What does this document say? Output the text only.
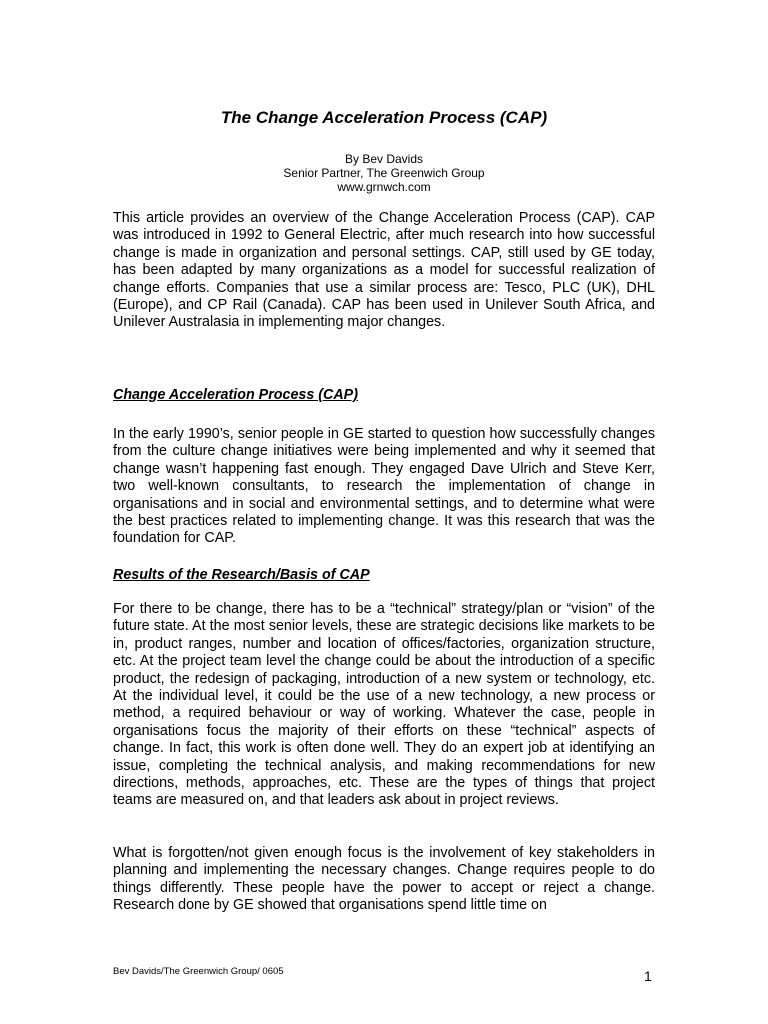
The Change Acceleration Process (CAP)
By Bev Davids
Senior Partner, The Greenwich Group
www.grnwch.com

This article provides an overview of the Change Acceleration Process (CAP). CAP was introduced in 1992 to General Electric, after much research into how successful change is made in organization and personal settings. CAP, still used by GE today, has been adapted by many organizations as a model for successful realization of change efforts. Companies that use a similar process are: Tesco, PLC (UK), DHL (Europe), and CP Rail (Canada). CAP has been used in Unilever South Africa, and Unilever Australasia in implementing major changes.

Change Acceleration Process (CAP)

In the early 1990’s, senior people in GE started to question how successfully changes from the culture change initiatives were being implemented and why it seemed that change wasn’t happening fast enough. They engaged Dave Ulrich and Steve Kerr, two well-known consultants, to research the implementation of change in organisations and in social and environmental settings, and to determine what were the best practices related to implementing change. It was this research that was the foundation for CAP.

Results of the Research/Basis of CAP

For there to be change, there has to be a “technical” strategy/plan or “vision” of the future state. At the most senior levels, these are strategic decisions like markets to be in, product ranges, number and location of offices/factories, organization structure, etc. At the project team level the change could be about the introduction of a specific product, the redesign of packaging, introduction of a new system or technology, etc. At the individual level, it could be the use of a new technology, a new process or method, a required behaviour or way of working. Whatever the case, people in organisations focus the majority of their efforts on these “technical” aspects of change. In fact, this work is often done well. They do an expert job at identifying an issue, completing the technical analysis, and making recommendations for new directions, methods, approaches, etc. These are the types of things that project teams are measured on, and that leaders ask about in project reviews.

What is forgotten/not given enough focus is the involvement of key stakeholders in planning and implementing the necessary changes. Change requires people to do things differently. These people have the power to accept or reject a change. Research done by GE showed that organisations spend little time on

Bev Davids/The Greenwich Group/ 0605	1
